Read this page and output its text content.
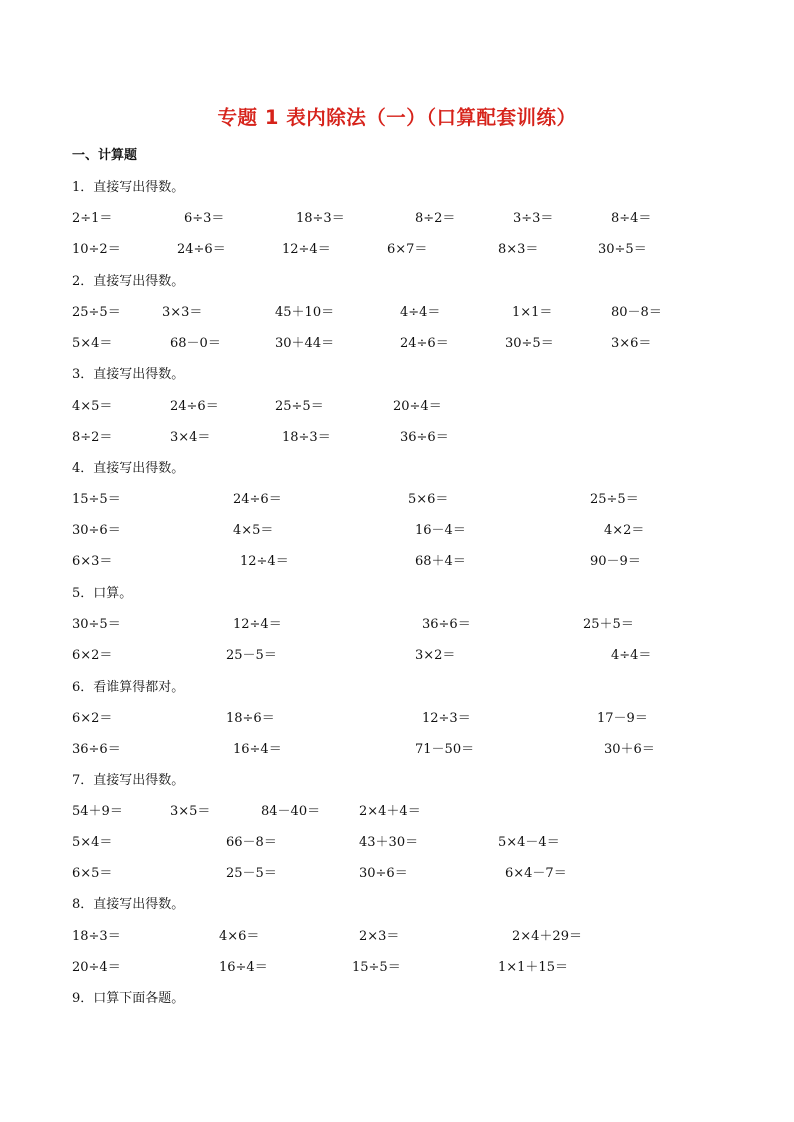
专题 1 表内除法（一）（口算配套训练）
一、计算题
1．直接写出得数。
2÷1＝	6÷3＝	18÷3＝	8÷2＝	3÷3＝	8÷4＝
10÷2＝	24÷6＝	12÷4＝	6×7＝	8×3＝	30÷5＝
2．直接写出得数。
25÷5＝	3×3＝	45＋10＝	4÷4＝	1×1＝	80－8＝
5×4＝	68－0＝	30＋44＝	24÷6＝	30÷5＝	3×6＝
3．直接写出得数。
4×5＝	24÷6＝	25÷5＝	20÷4＝
8÷2＝	3×4＝	18÷3＝	36÷6＝
4．直接写出得数。
15÷5＝	24÷6＝	5×6＝	25÷5＝
30÷6＝	4×5＝	16－4＝	4×2＝
6×3＝	12÷4＝	68＋4＝	90－9＝
5．口算。
30÷5＝	12÷4＝	36÷6＝	25＋5＝
6×2＝	25－5＝	3×2＝	4÷4＝
6．看谁算得都对。
6×2＝	18÷6＝	12÷3＝	17－9＝
36÷6＝	16÷4＝	71－50＝	30＋6＝
7．直接写出得数。
54＋9＝	3×5＝	84－40＝	2×4＋4＝
5×4＝	66－8＝	43＋30＝	5×4－4＝
6×5＝	25－5＝	30÷6＝	6×4－7＝
8．直接写出得数。
18÷3＝	4×6＝	2×3＝	2×4＋29＝
20÷4＝	16÷4＝	15÷5＝	1×1＋15＝
9．口算下面各题。
